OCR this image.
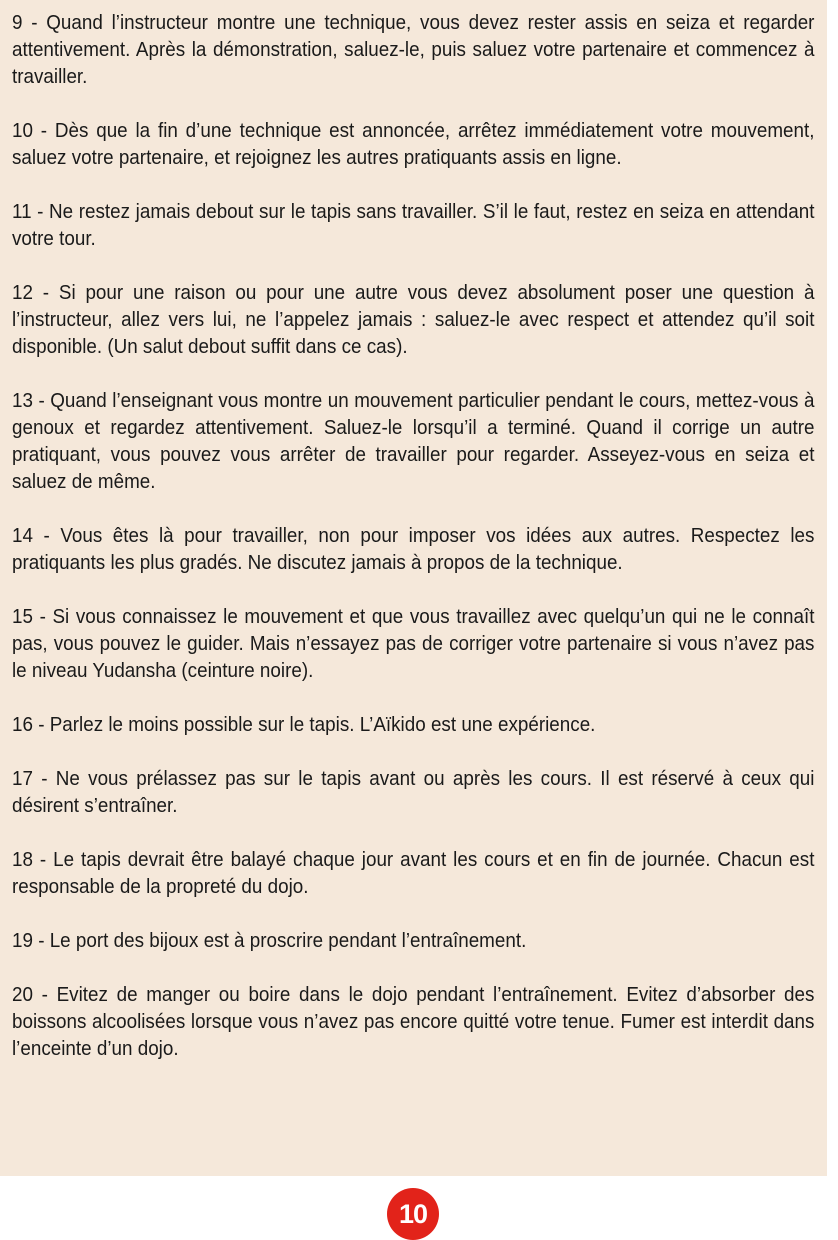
9 - Quand l’instructeur montre une technique, vous devez rester assis en seiza et regarder attentivement. Après la démonstration, saluez-le, puis saluez votre partenaire et commencez à travailler.

10 - Dès que la fin d’une technique est annoncée, arrêtez immédiatement votre mouvement, saluez votre partenaire, et rejoignez les autres pratiquants assis en ligne.

11 - Ne restez jamais debout sur le tapis sans travailler. S’il le faut, restez en seiza en attendant votre tour.

12 - Si pour une raison ou pour une autre vous devez absolument poser une question à l’instructeur, allez vers lui, ne l’appelez jamais : saluez-le avec respect et attendez qu’il soit disponible. (Un salut debout suffit dans ce cas).

13 - Quand l’enseignant vous montre un mouvement particulier pendant le cours, mettez-vous à genoux et regardez attentivement. Saluez-le lorsqu’il a terminé. Quand il corrige un autre pratiquant, vous pouvez vous arrêter de travailler pour regarder. Asseyez-vous en seiza et saluez de même.

14 - Vous êtes là pour travailler, non pour imposer vos idées aux autres. Respectez les pratiquants les plus gradés. Ne discutez jamais à propos de la technique.

15 - Si vous connaissez le mouvement et que vous travaillez avec quelqu’un qui ne le connaît pas, vous pouvez le guider. Mais n’essayez pas de corriger votre partenaire si vous n’avez pas le niveau Yudansha (ceinture noire).

16 - Parlez le moins possible sur le tapis. L’Aïkido est une expérience.

17 - Ne vous prélassez pas sur le tapis avant ou après les cours. Il est réservé à ceux qui désirent s’entraîner.

18 - Le tapis devrait être balayé chaque jour avant les cours et en fin de journée. Chacun est responsable de la propreté du dojo.

19 - Le port des bijoux est à proscrire pendant l’entraînement.

20 - Evitez de manger ou boire dans le dojo pendant l’entraînement. Evitez d’absorber des boissons alcoolisées lorsque vous n’avez pas encore quitté votre tenue. Fumer est interdit dans l’enceinte d’un dojo.

10
